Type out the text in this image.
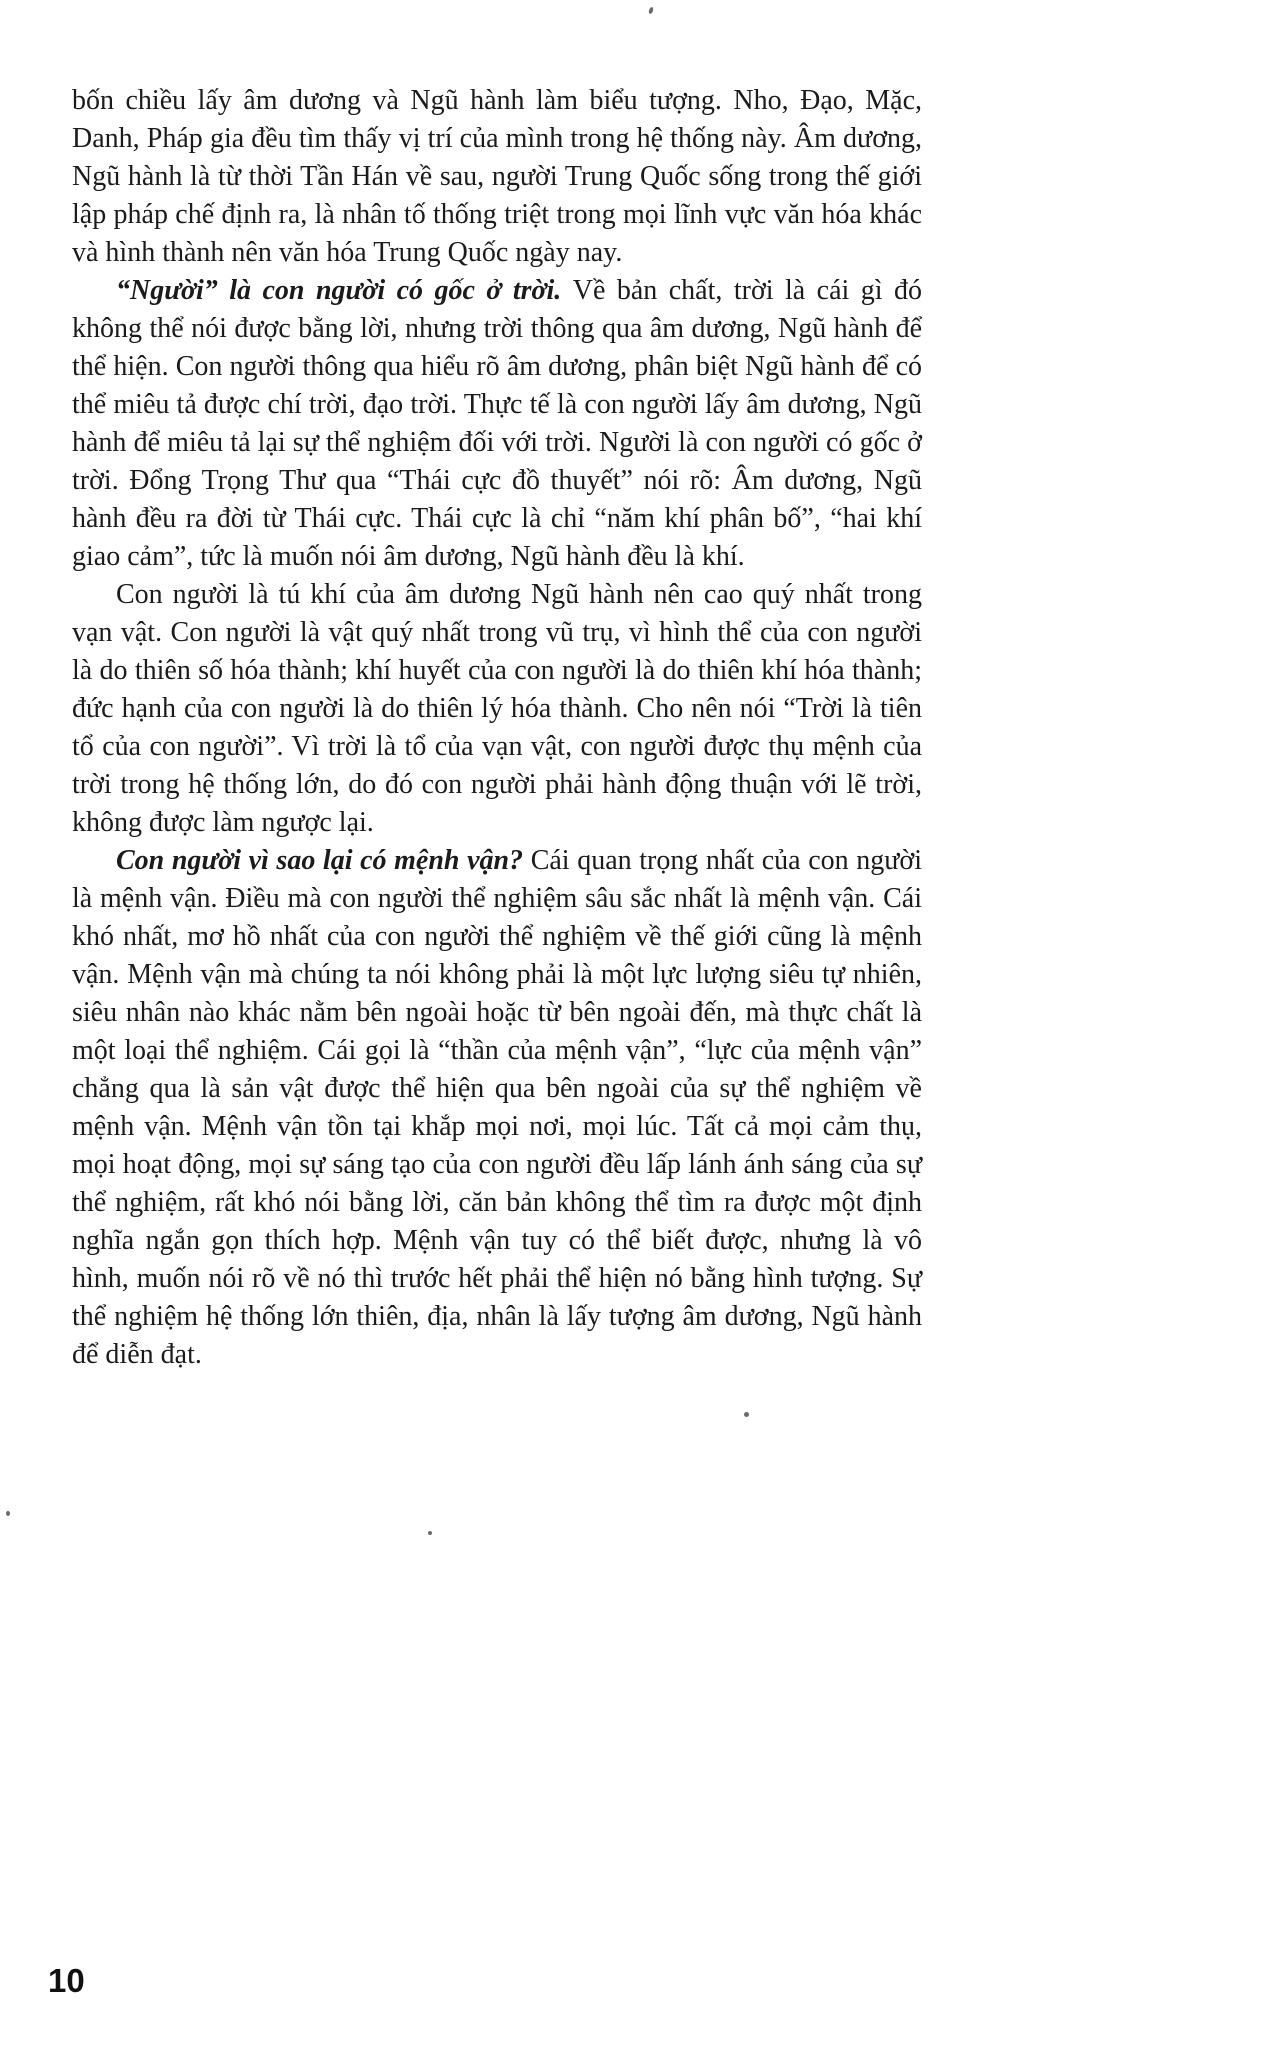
bốn chiều lấy âm dương và Ngũ hành làm biểu tượng. Nho, Đạo, Mặc, Danh, Pháp gia đều tìm thấy vị trí của mình trong hệ thống này. Âm dương, Ngũ hành là từ thời Tần Hán về sau, người Trung Quốc sống trong thế giới lập pháp chế định ra, là nhân tố thống triệt trong mọi lĩnh vực văn hóa khác và hình thành nên văn hóa Trung Quốc ngày nay.

“Người” là con người có gốc ở trời. Về bản chất, trời là cái gì đó không thể nói được bằng lời, nhưng trời thông qua âm dương, Ngũ hành để thể hiện. Con người thông qua hiểu rõ âm dương, phân biệt Ngũ hành để có thể miêu tả được chí trời, đạo trời. Thực tế là con người lấy âm dương, Ngũ hành để miêu tả lại sự thể nghiệm đối với trời. Người là con người có gốc ở trời. Đổng Trọng Thư qua “Thái cực đồ thuyết” nói rõ: Âm dương, Ngũ hành đều ra đời từ Thái cực. Thái cực là chỉ “năm khí phân bố”, “hai khí giao cảm”, tức là muốn nói âm dương, Ngũ hành đều là khí.

Con người là tú khí của âm dương Ngũ hành nên cao quý nhất trong vạn vật. Con người là vật quý nhất trong vũ trụ, vì hình thể của con người là do thiên số hóa thành; khí huyết của con người là do thiên khí hóa thành; đức hạnh của con người là do thiên lý hóa thành. Cho nên nói “Trời là tiên tổ của con người”. Vì trời là tổ của vạn vật, con người được thụ mệnh của trời trong hệ thống lớn, do đó con người phải hành động thuận với lẽ trời, không được làm ngược lại.

Con người vì sao lại có mệnh vận? Cái quan trọng nhất của con người là mệnh vận. Điều mà con người thể nghiệm sâu sắc nhất là mệnh vận. Cái khó nhất, mơ hồ nhất của con người thể nghiệm về thế giới cũng là mệnh vận. Mệnh vận mà chúng ta nói không phải là một lực lượng siêu tự nhiên, siêu nhân nào khác nằm bên ngoài hoặc từ bên ngoài đến, mà thực chất là một loại thể nghiệm. Cái gọi là “thần của mệnh vận”, “lực của mệnh vận” chẳng qua là sản vật được thể hiện qua bên ngoài của sự thể nghiệm về mệnh vận. Mệnh vận tồn tại khắp mọi nơi, mọi lúc. Tất cả mọi cảm thụ, mọi hoạt động, mọi sự sáng tạo của con người đều lấp lánh ánh sáng của sự thể nghiệm, rất khó nói bằng lời, căn bản không thể tìm ra được một định nghĩa ngắn gọn thích hợp. Mệnh vận tuy có thể biết được, nhưng là vô hình, muốn nói rõ về nó thì trước hết phải thể hiện nó bằng hình tượng. Sự thể nghiệm hệ thống lớn thiên, địa, nhân là lấy tượng âm dương, Ngũ hành để diễn đạt.

10
